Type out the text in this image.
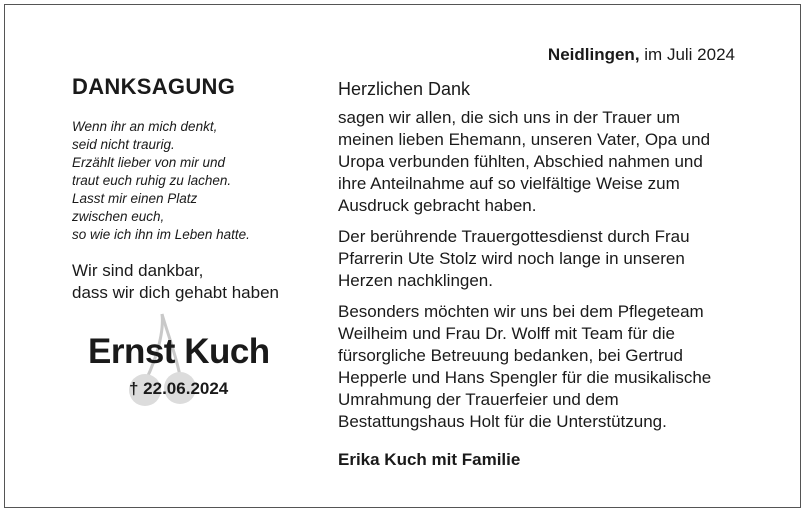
Neidlingen, im Juli 2024
DANKSAGUNG
Wenn ihr an mich denkt,
seid nicht traurig.
Erzählt lieber von mir und
traut euch ruhig zu lachen.
Lasst mir einen Platz
zwischen euch,
so wie ich ihn im Leben hatte.
Wir sind dankbar,
dass wir dich gehabt haben
Ernst Kuch
† 22.06.2024
Herzlichen Dank

sagen wir allen, die sich uns in der Trauer um
meinen lieben Ehemann, unseren Vater, Opa und
Uropa verbunden fühlten, Abschied nahmen und
ihre Anteilnahme auf so vielfältige Weise zum
Ausdruck gebracht haben.

Der berührende Trauergottesdienst durch Frau
Pfarrerin Ute Stolz wird noch lange in unseren
Herzen nachklingen.

Besonders möchten wir uns bei dem Pflegeteam
Weilheim und Frau Dr. Wolff mit Team für die
fürsorgliche Betreuung bedanken, bei Gertrud
Hepperle und Hans Spengler für die musikalische
Umrahmung der Trauerfeier und dem
Bestattungshaus Holt für die Unterstützung.

Erika Kuch mit Familie
